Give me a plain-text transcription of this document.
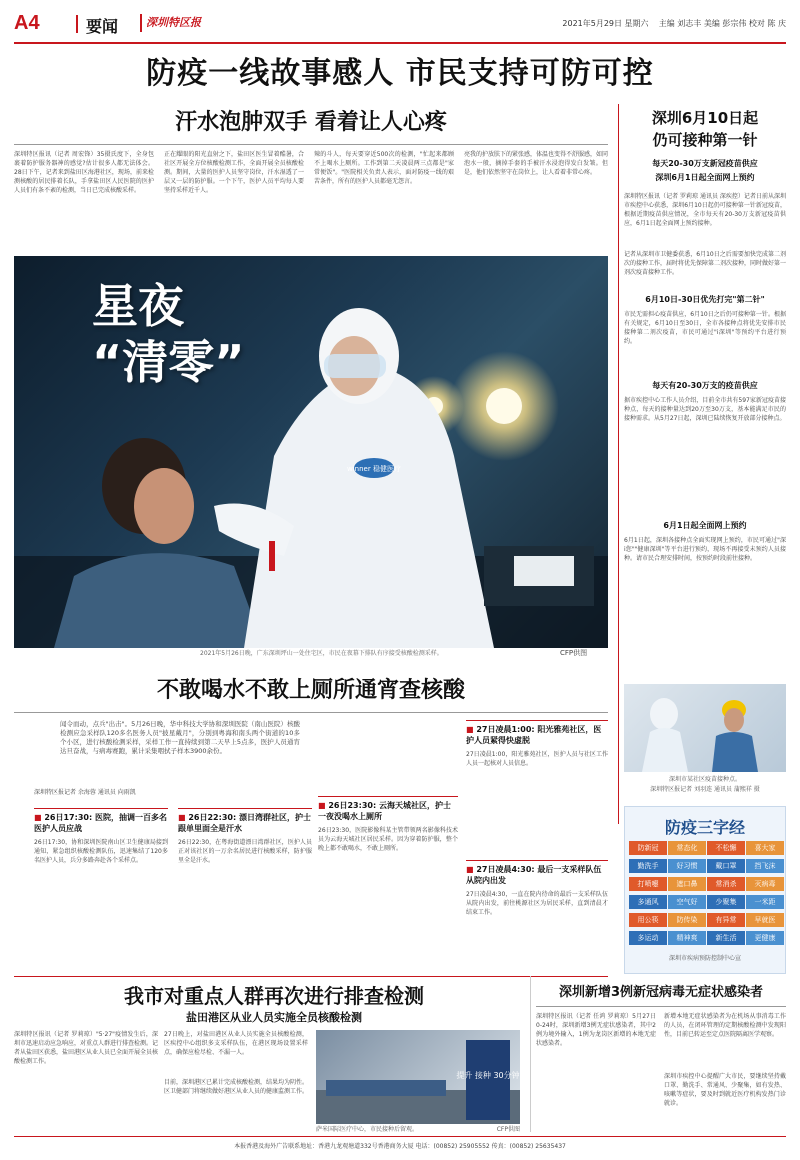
A4	要闻	深圳特区报	2021年5月29日 星期六 主编 刘志丰 美编 彭宗伟 校对 陈 庆
防疫一线故事感人 市民支持可防可控
汗水泡肿双手 看着让人心疼
深圳特区报讯（记者 周宏锋）35摄氏度下，全身包裹着防护服务器神的感觉?估计很多人都无法体会。28日下午，记者来到盐田区海港社区，现场，前来检测核酸的居民排着长队，手拿盐田区人民医院的医护人员们有条不紊的检测，当日已完成核酸采样。
正在耀眼的阳光直射之下，盐田区医生冒着酷暑，合社区开展全方位核酸检测工作，全面开展全员核酸检测。期间，大量的医护人员坚守岗位，汗水湿透了一层又一层的防护服。一个下午，医护人员平均每人要坚持采样近千人。
辣的斗人，每天要穿近500次的检测，"忙起来都顾不上喝水上厕所。工作到第二天凌晨两三点都是"家常便饭"。"医院相关负责人表示，面对防疫一线的艰苦条件，所有的医护人员都毫无怨言。
亮我的护放肤下的紧张感，体温也变得不舒服感，如同泡水一般，摘掉手套的手被汗水浸泡得发白发皱。但是，他们依然坚守在岗位上，让人看着非常心疼。
winner 稳健医疗
星夜
“清零”
2021年5月26日晚，广东深圳坪山一处住宅区，市民在夜幕下排队有序接受核酸检测采样。	CFP供图
深圳6月10日起
仍可接种第一针
每天20-30万支新冠疫苗供应
深圳6月1日起全面网上预约
深圳特区报讯（记者 罗莉琼 通讯员 深疾控）记者日前从深圳市疾控中心获悉，深圳6月10日起仍可接种第一针新冠疫苗，根据近期疫苗供应情况，全市每天有20-30万支新冠疫苗供应，6月1日起全面网上预约接种。
记者从深圳市卫健委获悉，6月10日之后需要加快完成第二剂次的接种工作，届时将优先保障第二剂次接种，同时做好第一剂次疫苗接种工作。
6月10日-30日优先打完"第二针"
市民无需担心疫苗供应，6月10日之后仍可接种第一针。根据有关规定，6月10日至30日，全市各接种点将优先安排市民接种第二剂次疫苗，市民可通过"i深圳"等预约平台进行预约。
每天有20-30万支的疫苗供应
据市疾控中心工作人员介绍，目前全市共有597家新冠疫苗接种点，每天的接种量达到20万至30万支，基本能满足市民的接种需求。从5月27日起，深圳已陆续恢复开放部分接种点。
6月1日起全面网上预约
6月1日起，深圳各接种点全面实现网上预约，市民可通过"深i您""健康深圳"等平台进行预约，现场不再接受未预约人员接种。请市民合理安排时间，按预约时段前往接种。
深圳市某社区疫苗接种点。
深圳特区报记者 刘羽连 通讯员 蒲熙祥 摄
不敢喝水不敢上厕所通宵查核酸
闻令而动，点兵"出击"。5月26日晚，华中科技大学协和深圳医院（南山医院）核酸检测应急采样队120多名医务人员"披星戴月"，分别到粤海和南头两个街道的10多个小区，进行核酸检测采样，采样工作一直持续到第二天早上5点多，医护人员通宵达旦奋战，与病毒赛跑，累计采集咽拭子样本3900余份。
深圳特区报记者 余海蓉 通讯员 向雨凯
■ 26日17:30: 医院，抽调一百多名医护人员应战
26日17:30，协和深圳医院南山区卫生健康局接到通知，紧急组织核酸检测队伍，迅速集结了120多名医护人员，兵分多路奔赴各个采样点。
■ 26日22:30: 漂日湾群社区，护士跟单里面全是汗水
26日22:30，在粤海街道漂日湾群社区，医护人员正对该社区的一万余名居民进行核酸采样，防护服里全是汗水。
■ 26日23:30: 云海天城社区，护士一夜没喝水上厕所
26日23:30，医院影像科某主管带领两名影像科技术员为云海天城社区居民采样。因为穿着防护服，整个晚上都不敢喝水，不敢上厕所。
■ 27日凌晨1:00: 阳光雅苑社区，医护人员紧得快虚脱
27日凌晨1:00，阳光雅苑社区，医护人员与社区工作人员一起核对人员信息。
■ 27日凌晨4:30: 最后一支采样队伍从院内出发
27日凌晨4:30，一直在院内待命的最后一支采样队伍从院内出发，前往桃源社区为居民采样，直到清晨才结束工作。
防疫三字经
防新冠	常态化	不松懈	喜大家
勤洗手	好习惯	戴口罩	挡飞沫
打喷嚏	遮口鼻	常消杀	灭病毒
多通风	空气好	少聚集	一米距
用公筷	防传染	有异常	早就医
多运动	精神爽	新生活	更健康
深圳市疾病预防控制中心宣
我市对重点人群再次进行排查检测
盐田港区从业人员实施全员核酸检测
深圳特区报讯（记者 罗莉琼）"5·27"疫情发生后，深圳市迅速启动应急响应，对重点人群进行排查检测。记者从盐田区获悉，盐田港区从业人员已全面开展全员核酸检测工作。
27日晚上，对盐田港区从业人员实施全员核酸检测，区疾控中心组织多支采样队伍，在港区现场设置采样点，确保应检尽检、不漏一人。
目前，深圳港区已累计完成核酸检测，结果均为阴性。区卫健部门将继续做好港区从业人员的健康监测工作。
提升 接种 30分钟
萨米国际医疗中心，市民接种后留观。	CFP供图
深圳新增3例新冠病毒无症状感染者
深圳特区报讯（记者 任鸿 罗莉琼）5月27日0-24时，深圳新增3例无症状感染者，其中2例为境外输入，1例为龙岗区新增的本地无症状感染者。
新增本地无症状感染者为在机场从事消毒工作的人员，在闭环管理的定期核酸检测中发现阳性，目前已转运至定点医院隔离医学观察。
深圳市疾控中心提醒广大市民，要继续坚持戴口罩、勤洗手、常通风、少聚集，如有发热、咳嗽等症状，要及时到就近医疗机构发热门诊就诊。
本报香港及海外广告联系地址：香港九龙观塘道332号香港商务大厦 电话：(00852) 25905552 传真：(00852) 25635437
